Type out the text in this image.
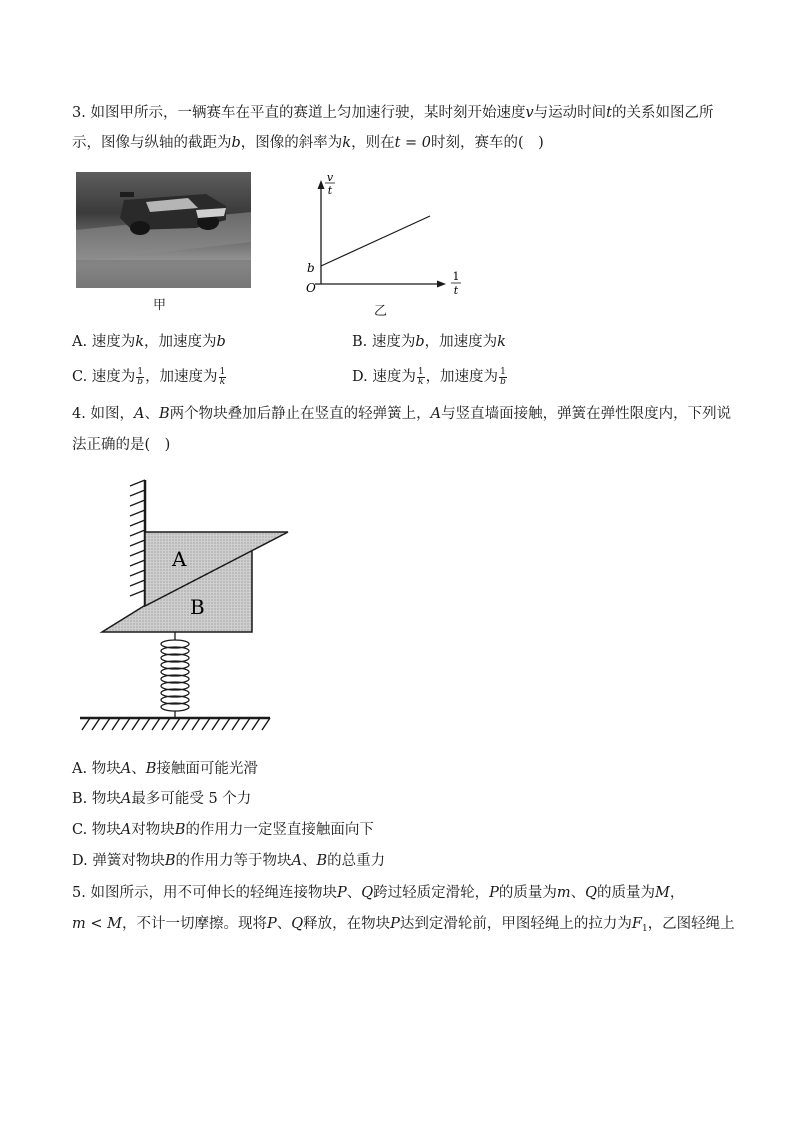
3. 如图甲所示，一辆赛车在平直的赛道上匀加速行驶，某时刻开始速度v与运动时间t的关系如图乙所
示，图像与纵轴的截距为b，图像的斜率为k，则在t = 0时刻，赛车的(　)
甲
v
t
1
t
b
O
乙
A. 速度为k，加速度为b	B. 速度为b，加速度为k
C. 速度为 $\frac{1}{b}$ ，加速度为 $\frac{1}{k}$	D. 速度为 $\frac{1}{k}$ ，加速度为 $\frac{1}{b}$
4. 如图，A、B两个物块叠加后静止在竖直的轻弹簧上，A与竖直墙面接触，弹簧在弹性限度内，下列说
法正确的是(　)
A
B
A. 物块A、B接触面可能光滑
B. 物块A最多可能受 5 个力
C. 物块A对物块B的作用力一定竖直接触面向下
D. 弹簧对物块B的作用力等于物块A、B的总重力
5. 如图所示，用不可伸长的轻绳连接物块P、Q跨过轻质定滑轮，P的质量为m、Q的质量为M，
m < M，不计一切摩擦。现将P、Q释放，在物块P达到定滑轮前，甲图轻绳上的拉力为$F_1$，乙图轻绳上
